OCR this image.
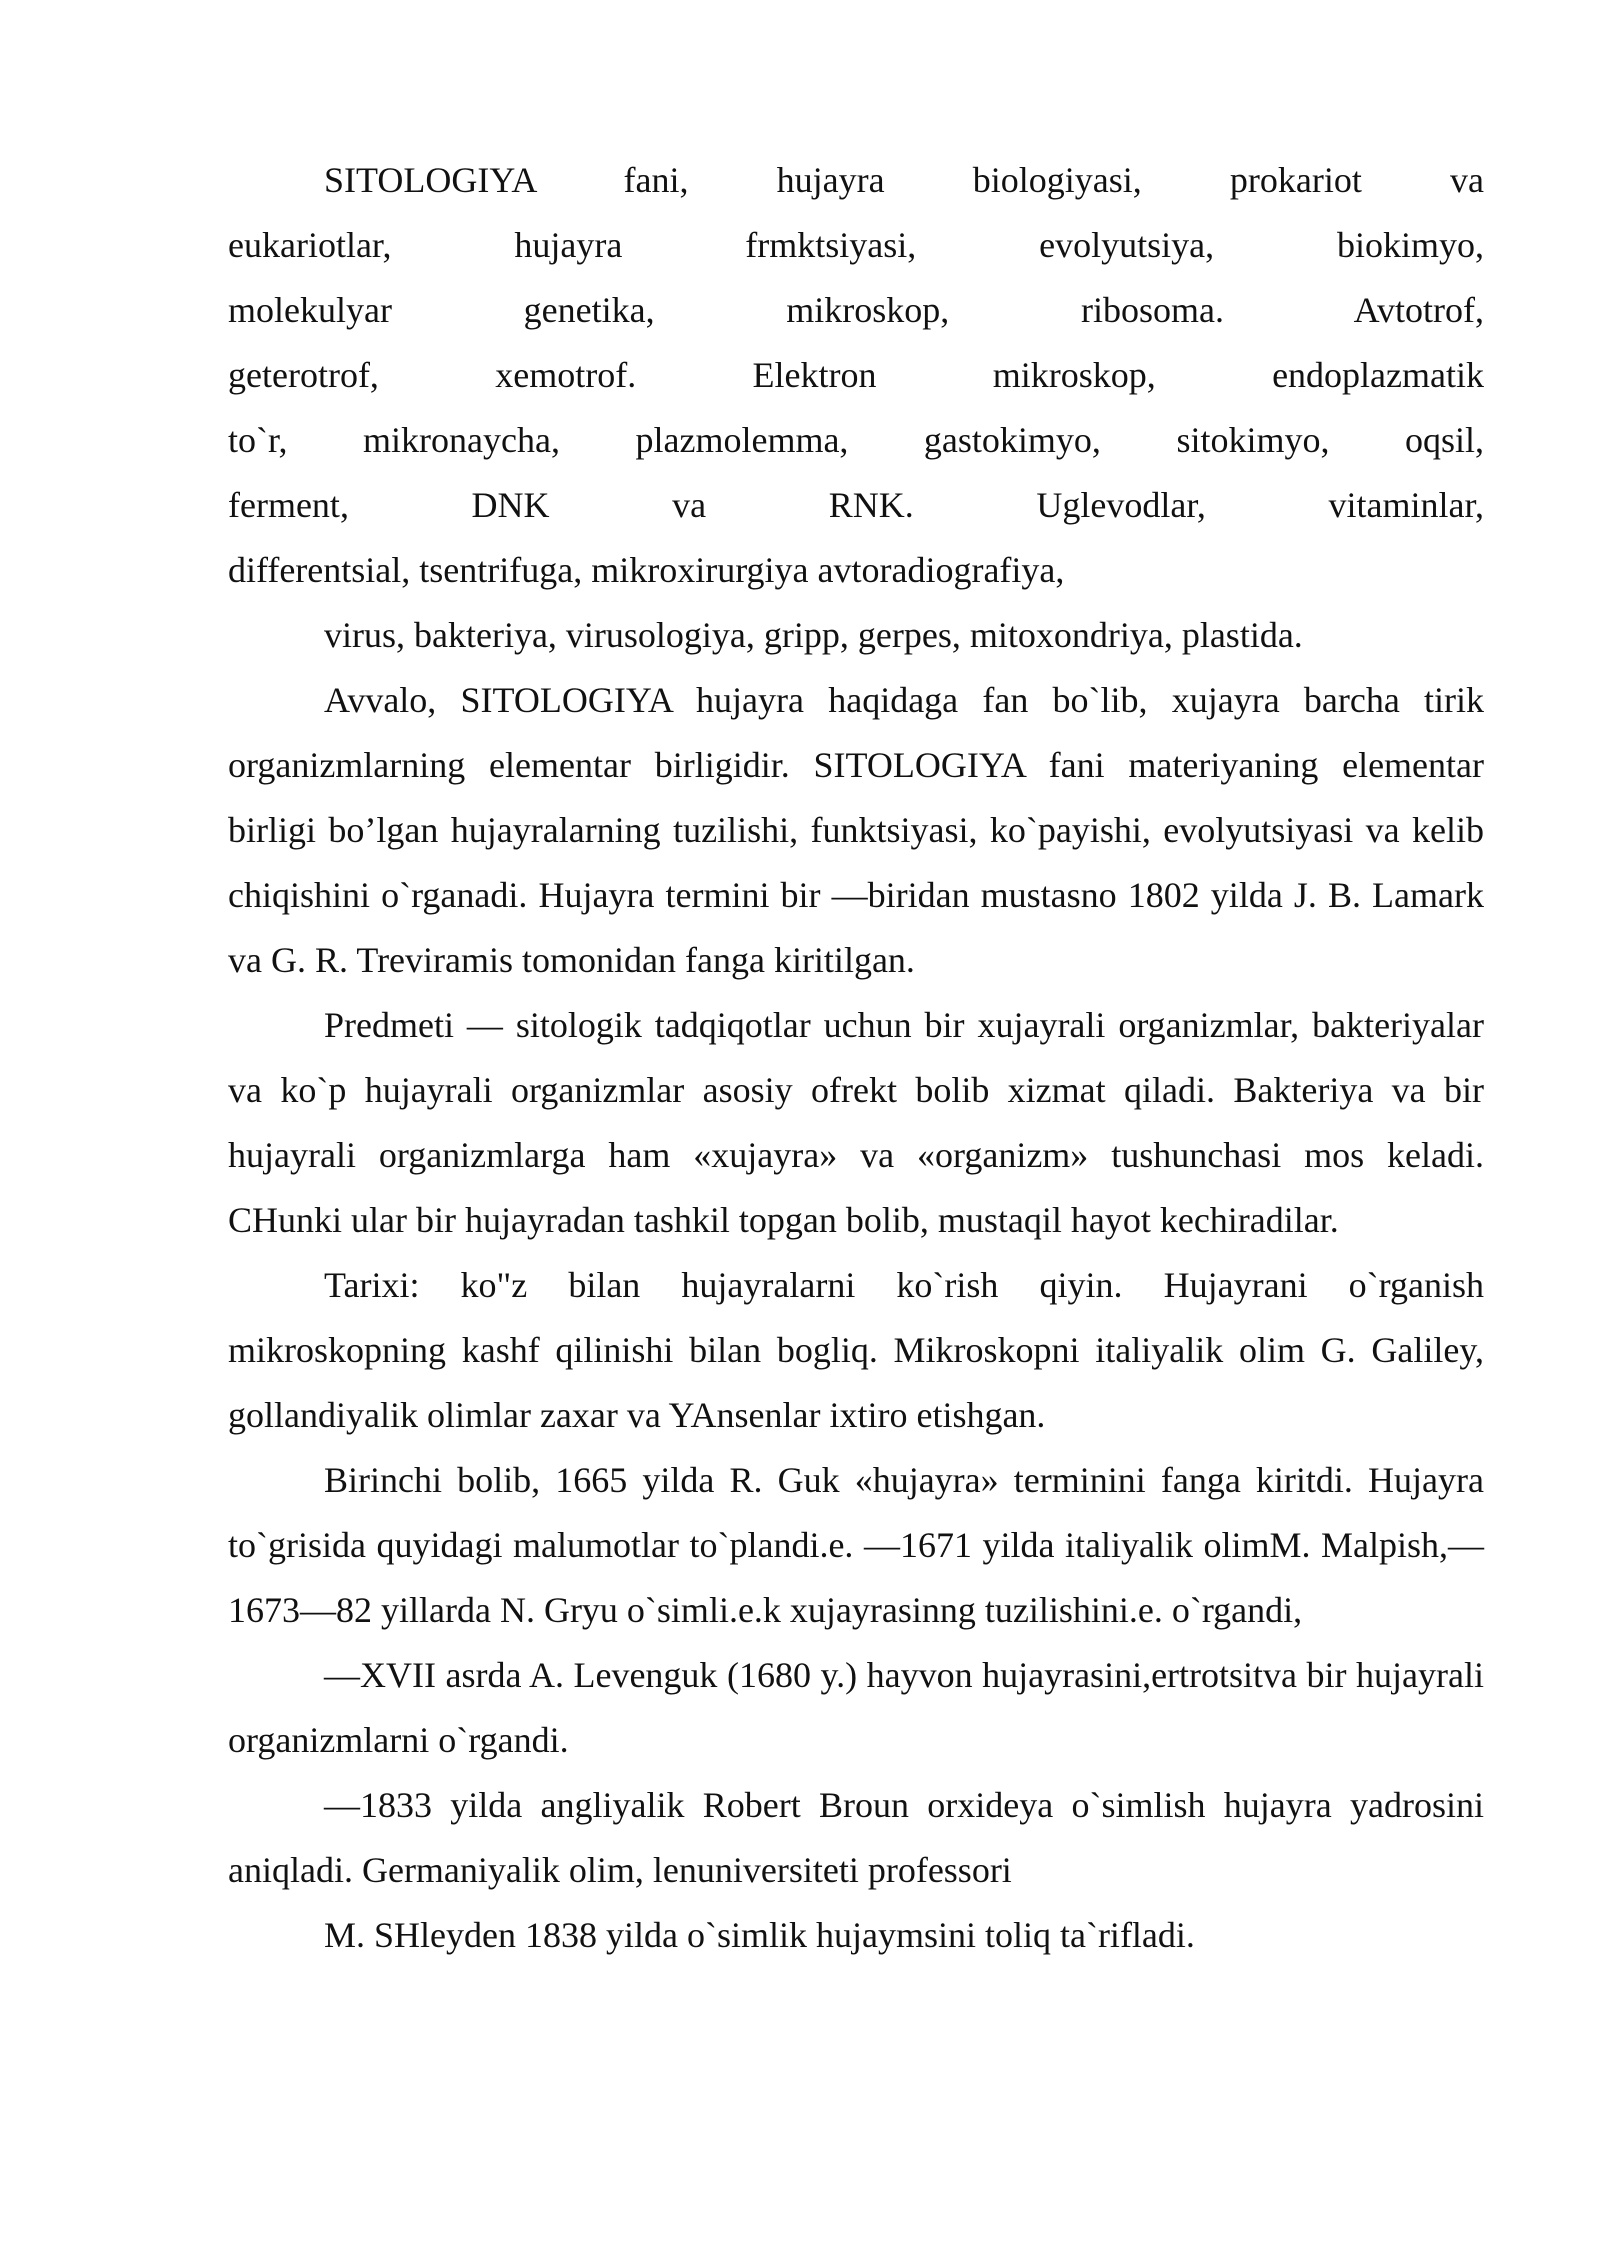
SITOLOGIYA fani, hujayra biologiyasi, prokariot va
eukariotlar, hujayra frmktsiyasi, evolyutsiya, biokimyo,
molekulyar genetika, mikroskop, ribosoma. Avtotrof,
geterotrof, xemotrof. Elektron mikroskop, endoplazmatik
to`r, mikronaycha, plazmolemma, gastokimyo, sitokimyo, oqsil,
ferment, DNK va RNK. Uglevodlar, vitaminlar,
differentsial, tsentrifuga, mikroxirurgiya avtoradiografiya,

virus, bakteriya, virusologiya, gripp, gerpes, mitoxondriya, plastida.

Avvalo, SITOLOGIYA hujayra haqidaga fan bo`lib, xujayra barcha tirik organizmlarning elementar birligidir. SITOLOGIYA fani materiyaning elementar birligi bo’lgan hujayralarning tuzilishi, funktsiyasi, ko`payishi, evolyutsiyasi va kelib chiqishini o`rganadi. Hujayra termini bir —biridan mustasno 1802 yilda J. B. Lamark va G. R. Treviramis tomonidan fanga kiritilgan.

Predmeti — sitologik tadqiqotlar uchun bir xujayrali organizmlar, bakteriyalar va ko`p hujayrali organizmlar asosiy ofrekt bolib xizmat qiladi. Bakteriya va bir hujayrali organizmlarga ham «xujayra» va «organizm» tushunchasi mos keladi. CHunki ular bir hujayradan tashkil topgan bolib, mustaqil hayot kechiradilar.

Tarixi: ko"z bilan hujayralarni ko`rish qiyin. Hujayrani o`rganish mikroskopning kashf qilinishi bilan bogliq. Mikroskopni italiyalik olim G. Galiley, gollandiyalik olimlar zaxar va YAnsenlar ixtiro etishgan.

Birinchi bolib, 1665 yilda R. Guk «hujayra» terminini fanga kiritdi. Hujayra to`grisida quyidagi malumotlar to`plandi.e. —1671 yilda italiyalik olimM. Malpish,—1673—82 yillarda N. Gryu o`simli.e.k xujayrasinng tuzilishini.e. o`rgandi,

—XVII asrda A. Levenguk (1680 y.) hayvon hujayrasini,ertrotsitva bir hujayrali organizmlarni o`rgandi.

—1833 yilda angliyalik Robert Broun orxideya o`simlish hujayra yadrosini aniqladi. Germaniyalik olim, lenuniversiteti professori

M. SHleyden 1838 yilda o`simlik hujaymsini toliq ta`rifladi.
